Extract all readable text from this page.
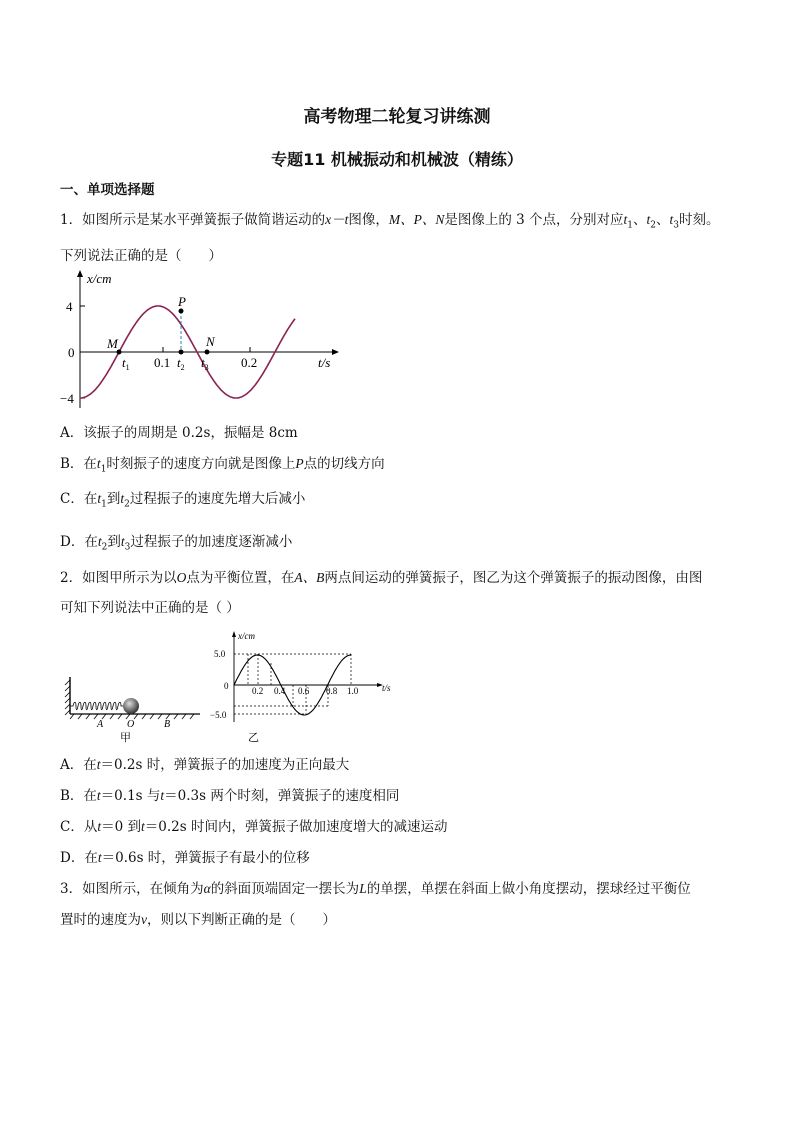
高考物理二轮复习讲练测
专题11 机械振动和机械波（精练）
一、单项选择题
1．如图所示是某水平弹簧振子做简谐运动的x－t图像，M、P、N是图像上的 3 个点，分别对应$t_1$、$t_2$、$t_3$时刻。
下列说法正确的是（　　）
x/cm
4
0
−4
M
P
N
0.1	0.2
$t_1$	$t_2$ $t_3$	t/s
A．该振子的周期是 0.2s，振幅是 8cm
B．在$t_1$时刻振子的速度方向就是图像上P点的切线方向
C．在$t_1$到$t_2$过程振子的速度先增大后减小
D．在$t_2$到$t_3$过程振子的加速度逐渐减小
2．如图甲所示为以O点为平衡位置，在A、B两点间运动的弹簧振子，图乙为这个弹簧振子的振动图像，由图
可知下列说法中正确的是（ ）
A O	B
甲
x/cm
5.0
0
−5.0
0.2 0.4 0.6 0.8 1.0	t/s
乙
A．在t＝0.2s 时，弹簧振子的加速度为正向最大
B．在t＝0.1s 与t＝0.3s 两个时刻，弹簧振子的速度相同
C．从t＝0 到t＝0.2s 时间内，弹簧振子做加速度增大的减速运动
D．在t＝0.6s 时，弹簧振子有最小的位移
3．如图所示，在倾角为α的斜面顶端固定一摆长为L的单摆，单摆在斜面上做小角度摆动，摆球经过平衡位
置时的速度为v，则以下判断正确的是（　　）
